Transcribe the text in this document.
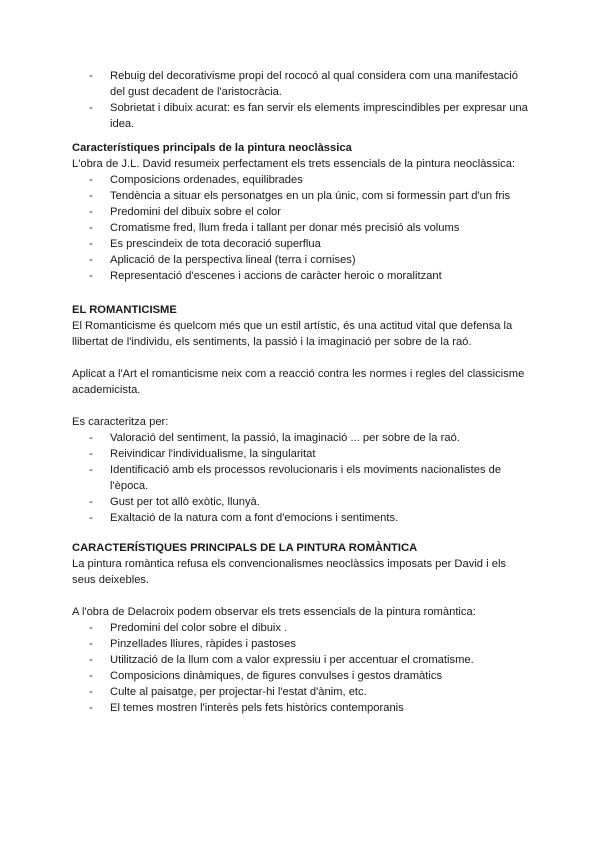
- Rebuig del decorativisme propi del rococó al qual considera com una manifestació del gust decadent de l'aristocràcia.
- Sobrietat i dibuix acurat: es fan servir els elements imprescindibles per expresar una idea.

Característiques principals de la pintura neoclàssica

L'obra de J.L. David resumeix perfectament els trets essencials de la pintura neoclàssica:

- Composicions ordenades, equilibrades
- Tendència a situar els personatges en un pla únic, com si formessin part d'un fris
- Predomini del dibuix sobre el color
- Cromatisme fred, llum freda i tallant per donar més precisió als volums
- Es prescindeix de tota decoració superflua
- Aplicació de la perspectiva lineal (terra i cornises)
- Representació d'escenes i accions de caràcter heroic o moralitzant

EL ROMANTICISME

El Romanticisme és quelcom més que un estil artístic, és una actitud vital que defensa la llibertat de l'individu, els sentiments, la passió i la imaginació per sobre de la raó.

Aplicat a l'Art el romanticisme neix com a reacció contra les normes i regles del classicisme academicista.

Es caracteritza per:

- Valoració del sentiment, la passió, la imaginació ... per sobre de la raó.
- Reivindicar l'individualisme, la singularitat
- Identificació amb els processos revolucionaris i els moviments nacionalistes de l'època.
- Gust per tot allò exòtic, llunyà.
- Exaltació de la natura com a font d'emocions i sentiments.

CARACTERÍSTIQUES PRINCIPALS DE LA PINTURA ROMÀNTICA

La pintura romàntica refusa els convencionalismes neoclàssics imposats per David i els seus deixebles.

A l'obra de Delacroix podem observar els trets essencials de la pintura romàntica:

- Predomini del color sobre el dibuix .
- Pinzellades lliures, ràpides i pastoses
- Utilització de la llum com a valor expressiu i per accentuar el cromatisme.
- Composicions dinàmiques, de figures convulses i gestos dramàtics
- Culte al paisatge, per projectar-hi l'estat d'ànim, etc.
- El temes mostren l'interès pels fets històrics contemporanis
